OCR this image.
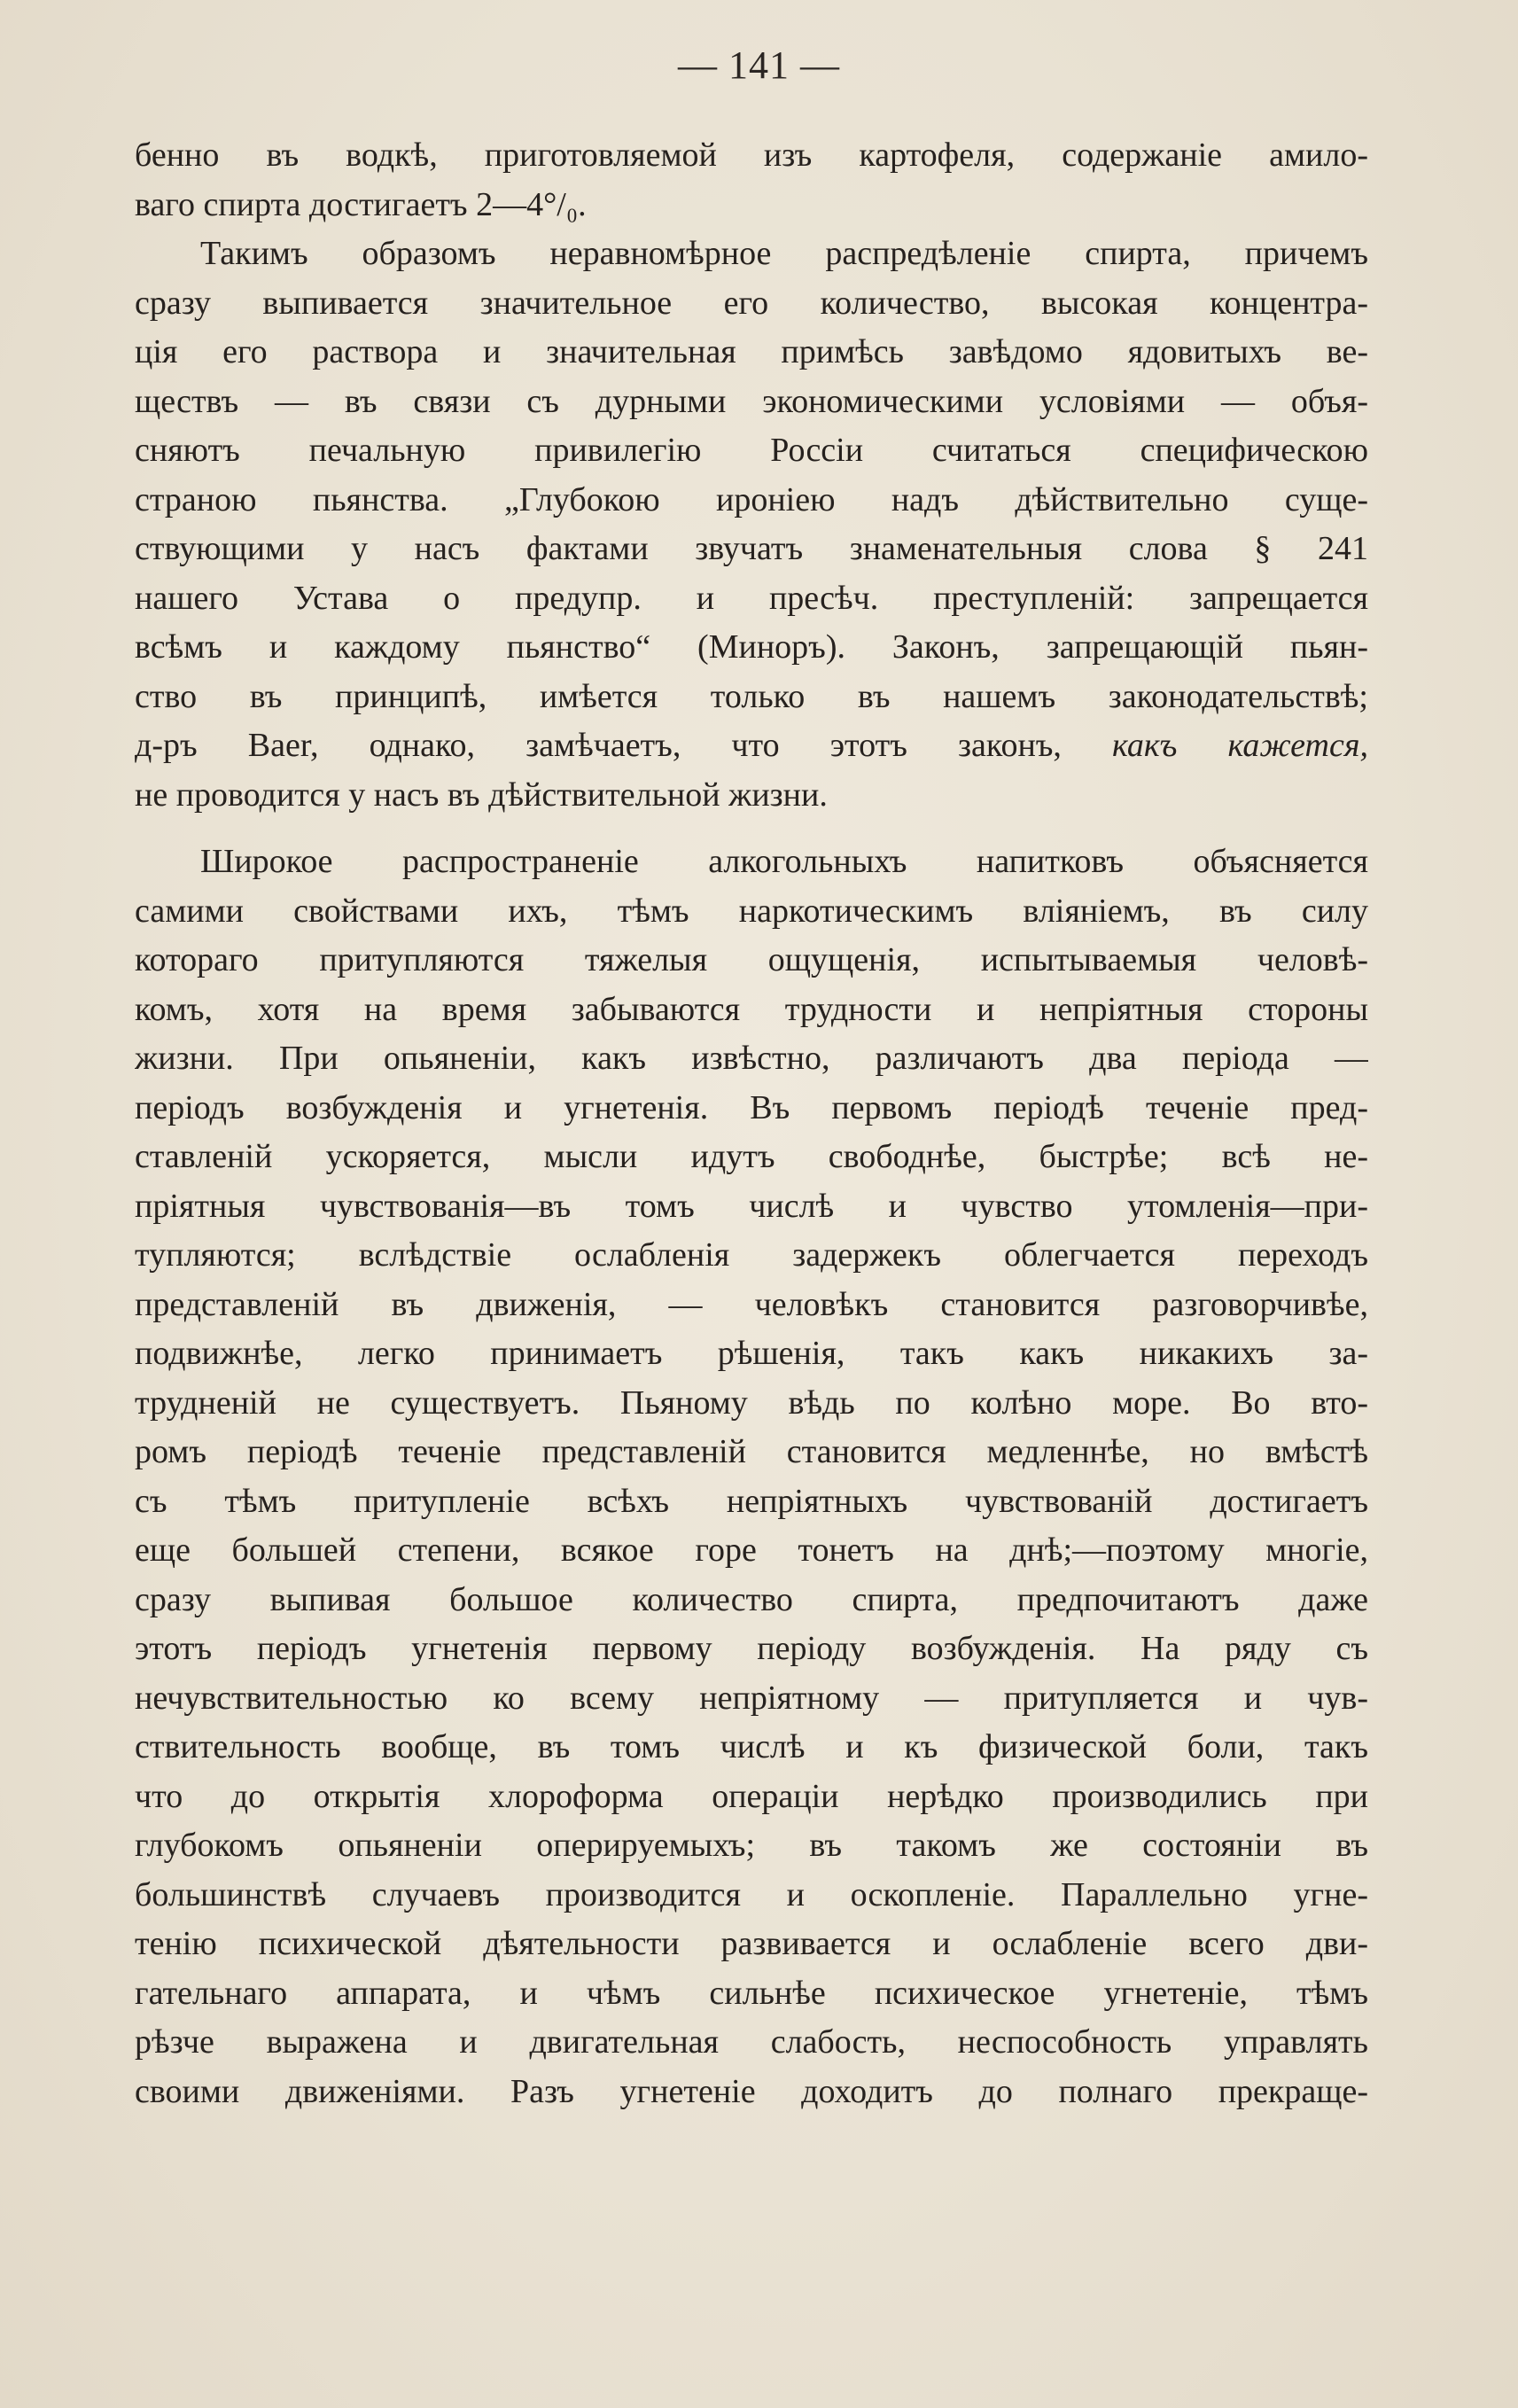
— 141 —
бенно въ водкѣ, приготовляемой изъ картофеля, содержаніе амило-
ваго спирта достигаетъ 2—4°/₀.
Такимъ образомъ неравномѣрное распредѣленіе спирта, причемъ
сразу выпивается значительное его количество, высокая концентра-
ція его раствора и значительная примѣсь завѣдомо ядовитыхъ ве-
ществъ — въ связи съ дурными экономическими условіями — объя-
сняютъ печальную привилегію Россіи считаться специфическою
страною пьянства. „Глубокою ироніею надъ дѣйствительно суще-
ствующими у насъ фактами звучатъ знаменательныя слова § 241
нашего Устава о предупр. и пресѣч. преступленій: запрещается
всѣмъ и каждому пьянство“ (Миноръ). Законъ, запрещающій пьян-
ство въ принципѣ, имѣется только въ нашемъ законодательствѣ;
д-ръ Baer, однако, замѣчаетъ, что этотъ законъ, какъ кажется,
не проводится у насъ въ дѣйствительной жизни.
Широкое распространеніе алкогольныхъ напитковъ объясняется
самими свойствами ихъ, тѣмъ наркотическимъ вліяніемъ, въ силу
котораго притупляются тяжелыя ощущенія, испытываемыя человѣ-
комъ, хотя на время забываются трудности и непріятныя стороны
жизни. При опьяненіи, какъ извѣстно, различаютъ два періода —
періодъ возбужденія и угнетенія. Въ первомъ періодѣ теченіе пред-
ставленій ускоряется, мысли идутъ свободнѣе, быстрѣе; всѣ не-
пріятныя чувствованія—въ томъ числѣ и чувство утомленія—при-
тупляются; вслѣдствіе ослабленія задержекъ облегчается переходъ
представленій въ движенія, — человѣкъ становится разговорчивѣе,
подвижнѣе, легко принимаетъ рѣшенія, такъ какъ никакихъ за-
трудненій не существуетъ. Пьяному вѣдь по колѣно море. Во вто-
ромъ періодѣ теченіе представленій становится медленнѣе, но вмѣстѣ
съ тѣмъ притупленіе всѣхъ непріятныхъ чувствованій достигаетъ
еще большей степени, всякое горе тонетъ на днѣ;—поэтому многіе,
сразу выпивая большое количество спирта, предпочитаютъ даже
этотъ періодъ угнетенія первому періоду возбужденія. На ряду съ
нечувствительностью ко всему непріятному — притупляется и чув-
ствительность вообще, въ томъ числѣ и къ физической боли, такъ
что до открытія хлороформа операціи нерѣдко производились при
глубокомъ опьяненіи оперируемыхъ; въ такомъ же состояніи въ
большинствѣ случаевъ производится и оскопленіе. Параллельно угне-
тенію психической дѣятельности развивается и ослабленіе всего дви-
гательнаго аппарата, и чѣмъ сильнѣе психическое угнетеніе, тѣмъ
рѣзче выражена и двигательная слабость, неспособность управлять
своими движеніями. Разъ угнетеніе доходитъ до полнаго прекраще-
